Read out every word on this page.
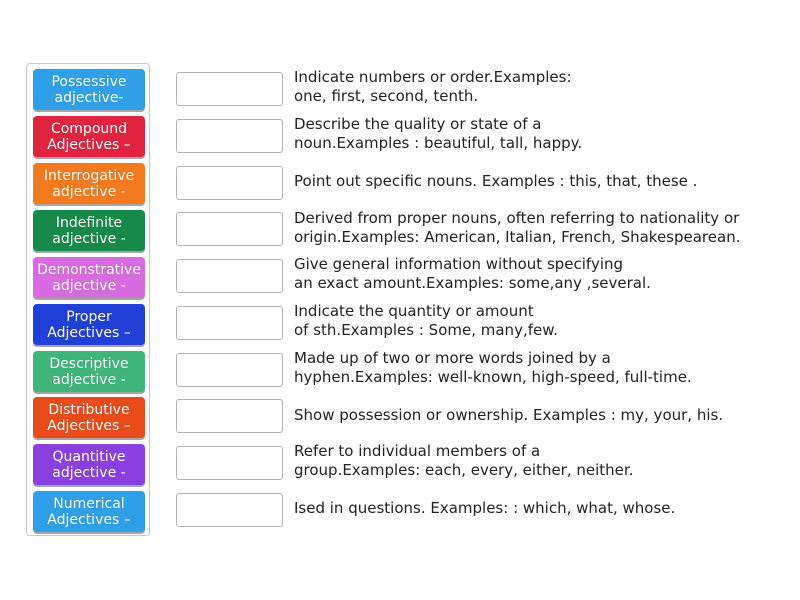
Possessive
adjective-
Compound
Adjectives –
Interrogative
adjective -
Indefinite
adjective -
Demonstrative
adjective -
Proper
Adjectives –
Descriptive
adjective -
Distributive
Adjectives –
Quantitive
adjective -
Numerical
Adjectives –
Indicate numbers or order.Examples:
one, first, second, tenth.
Describe the quality or state of a
noun.Examples : beautiful, tall, happy.
Point out specific nouns. Examples : this, that, these .
Derived from proper nouns, often referring to nationality or
origin.Examples: American, Italian, French, Shakespearean.
Give general information without specifying
an exact amount.Examples: some,any ,several.
Indicate the quantity or amount
of sth.Examples : Some, many,few.
Made up of two or more words joined by a
hyphen.Examples: well-known, high-speed, full-time.
Show possession or ownership. Examples : my, your, his.
Refer to individual members of a
group.Examples: each, every, either, neither.
Ised in questions. Examples: : which, what, whose.
